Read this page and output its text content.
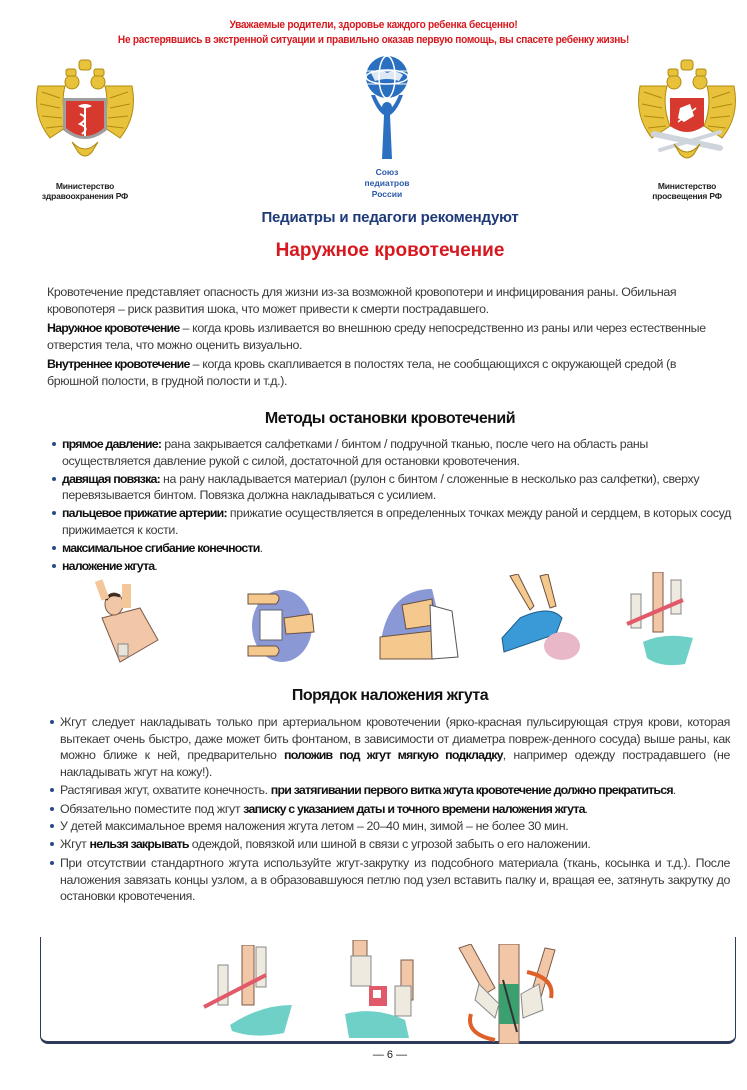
Уважаемые родители, здоровье каждого ребенка бесценно!
Не растерявшись в экстренной ситуации и правильно оказав первую помощь, вы спасете ребенку жизнь!
Министерство
здравоохранения РФ
Союз
педиатров
России
Министерство
просвещения РФ
Педиатры и педагоги рекомендуют
Наружное кровотечение
Кровотечение представляет опасность для жизни из-за возможной кровопотери и инфицирования раны. Обильная кровопотеря – риск развития шока, что может привести к смерти пострадавшего.
Наружное кровотечение – когда кровь изливается во внешнюю среду непосредственно из раны или через естественные отверстия тела, что можно оценить визуально.
Внутреннее кровотечение – когда кровь скапливается в полостях тела, не сообщающихся с окружающей средой (в брюшной полости, в грудной полости и т.д.).
Методы остановки кровотечений
прямое давление: рана закрывается салфетками / бинтом / подручной тканью, после чего на область раны осуществляется давление рукой с силой, достаточной для остановки кровотечения.
давящая повязка: на рану накладывается материал (рулон с бинтом / сложенные в несколько раз салфетки), сверху перевязывается бинтом. Повязка должна накладываться с усилием.
пальцевое прижатие артерии: прижатие осуществляется в определенных точках между раной и сердцем, в которых сосуд прижимается к кости.
максимальное сгибание конечности.
наложение жгута.
Порядок наложения жгута
Жгут следует накладывать только при артериальном кровотечении (ярко-красная пульсирующая струя крови, которая вытекает очень быстро, даже может бить фонтаном, в зависимости от диаметра повреж-денного сосуда) выше раны, как можно ближе к ней, предварительно положив под жгут мягкую подкладку, например одежду пострадавшего (не накладывать жгут на кожу!).
Растягивая жгут, охватите конечность. при затягивании первого витка жгута кровотечение должно прекратиться.
Обязательно поместите под жгут записку с указанием даты и точного времени наложения жгута.
У детей максимальное время наложения жгута летом – 20–40 мин, зимой – не более 30 мин.
Жгут нельзя закрывать одеждой, повязкой или шиной в связи с угрозой забыть о его наложении.
При отсутствии стандартного жгута используйте жгут-закрутку из подсобного материала (ткань, косынка и т.д.). После наложения завязать концы узлом, а в образовавшуюся петлю под узел вставить палку и, вращая ее, затянуть закрутку до остановки кровотечения.
— 6 —
